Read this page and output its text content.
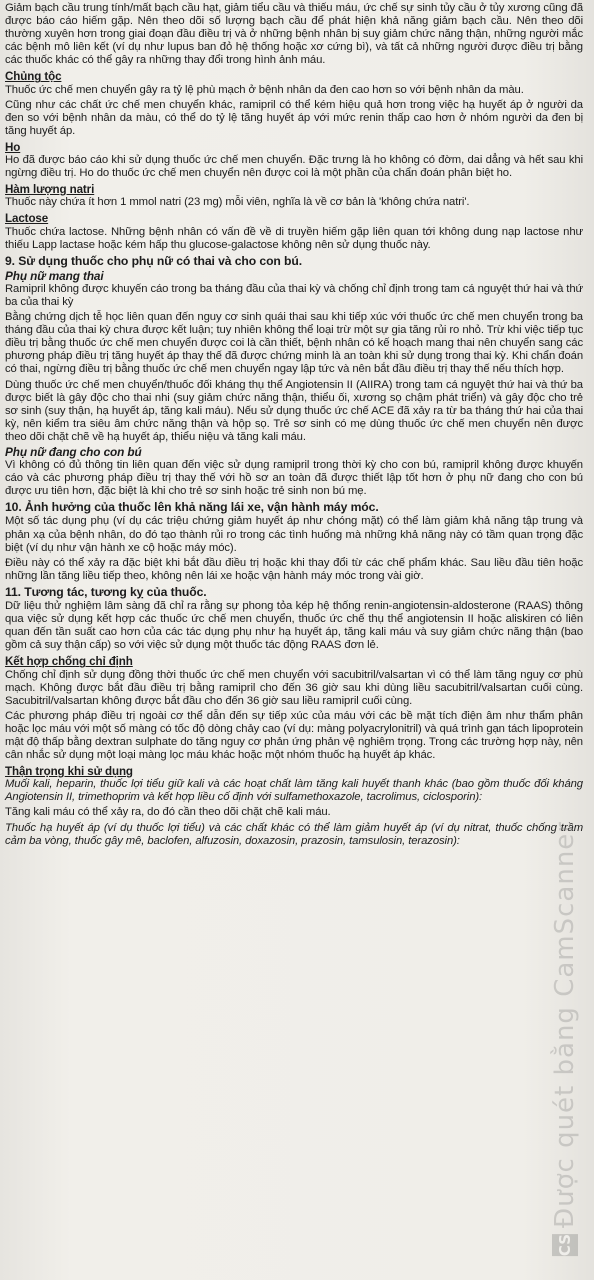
Giảm bạch cầu trung tính/mất bạch cầu hạt, giảm tiểu cầu và thiếu máu, ức chế sự sinh tủy cầu ở tủy xương cũng đã được báo cáo hiếm gặp. Nên theo dõi số lượng bạch cầu để phát hiện khả năng giảm bạch cầu. Nên theo dõi thường xuyên hơn trong giai đoạn đầu điều trị và ở những bệnh nhân bị suy giảm chức năng thận, những người mắc các bệnh mô liên kết (ví dụ như lupus ban đỏ hệ thống hoặc xơ cứng bì), và tất cả những người được điều trị bằng các thuốc khác có thể gây ra những thay đổi trong hình ảnh máu.

Chủng tộc

Thuốc ức chế men chuyển gây ra tỷ lệ phù mạch ở bệnh nhân da đen cao hơn so với bệnh nhân da màu.

Cũng như các chất ức chế men chuyển khác, ramipril có thể kém hiệu quả hơn trong việc hạ huyết áp ở người da đen so với bệnh nhân da màu, có thể do tỷ lệ tăng huyết áp với mức renin thấp cao hơn ở nhóm người da đen bị tăng huyết áp.

Ho

Ho đã được báo cáo khi sử dụng thuốc ức chế men chuyển. Đặc trưng là ho không có đờm, dai dẳng và hết sau khi ngừng điều trị. Ho do thuốc ức chế men chuyển nên được coi là một phần của chẩn đoán phân biệt ho.

Hàm lượng natri

Thuốc này chứa ít hơn 1 mmol natri (23 mg) mỗi viên, nghĩa là về cơ bản là 'không chứa natri'.

Lactose

Thuốc chứa lactose. Những bệnh nhân có vấn đề về di truyền hiếm gặp liên quan tới không dung nạp lactose như thiếu Lapp lactase hoặc kém hấp thu glucose-galactose không nên sử dụng thuốc này.

9. Sử dụng thuốc cho phụ nữ có thai và cho con bú.
Phụ nữ mang thai

Ramipril không được khuyến cáo trong ba tháng đầu của thai kỳ và chống chỉ định trong tam cá nguyệt thứ hai và thứ ba của thai kỳ

Bằng chứng dịch tễ học liên quan đến nguy cơ sinh quái thai sau khi tiếp xúc với thuốc ức chế men chuyển trong ba tháng đầu của thai kỳ chưa được kết luận; tuy nhiên không thể loại trừ một sự gia tăng rủi ro nhỏ. Trừ khi việc tiếp tục điều trị bằng thuốc ức chế men chuyển được coi là cần thiết, bệnh nhân có kế hoạch mang thai nên chuyển sang các phương pháp điều trị tăng huyết áp thay thế đã được chứng minh là an toàn khi sử dụng trong thai kỳ. Khi chẩn đoán có thai, ngừng điều trị bằng thuốc ức chế men chuyển ngay lập tức và nên bắt đầu điều trị thay thế nếu thích hợp.

Dùng thuốc ức chế men chuyển/thuốc đối kháng thụ thể Angiotensin II (AIIRA) trong tam cá nguyệt thứ hai và thứ ba được biết là gây độc cho thai nhi (suy giảm chức năng thận, thiểu ối, xương sọ chậm phát triển) và gây độc cho trẻ sơ sinh (suy thận, hạ huyết áp, tăng kali máu). Nếu sử dụng thuốc ức chế ACE đã xảy ra từ ba tháng thứ hai của thai kỳ, nên kiểm tra siêu âm chức năng thận và hộp sọ. Trẻ sơ sinh có mẹ dùng thuốc ức chế men chuyển nên được theo dõi chặt chẽ về hạ huyết áp, thiểu niệu và tăng kali máu.

Phụ nữ đang cho con bú

Vì không có đủ thông tin liên quan đến việc sử dụng ramipril trong thời kỳ cho con bú, ramipril không được khuyến cáo và các phương pháp điều trị thay thế với hồ sơ an toàn đã được thiết lập tốt hơn ở phụ nữ đang cho con bú được ưu tiên hơn, đặc biệt là khi cho trẻ sơ sinh hoặc trẻ sinh non bú mẹ.

10. Ảnh hưởng của thuốc lên khả năng lái xe, vận hành máy móc.

Một số tác dụng phụ (ví dụ các triệu chứng giảm huyết áp như chóng mặt) có thể làm giảm khả năng tập trung và phản xạ của bệnh nhân, do đó tạo thành rủi ro trong các tình huống mà những khả năng này có tầm quan trọng đặc biệt (ví dụ như vận hành xe cộ hoặc máy móc).

Điều này có thể xảy ra đặc biệt khi bắt đầu điều trị hoặc khi thay đổi từ các chế phẩm khác. Sau liều đầu tiên hoặc những lần tăng liều tiếp theo, không nên lái xe hoặc vận hành máy móc trong vài giờ.

11. Tương tác, tương kỵ của thuốc.

Dữ liệu thử nghiệm lâm sàng đã chỉ ra rằng sự phong tỏa kép hệ thống renin-angiotensin-aldosterone (RAAS) thông qua việc sử dụng kết hợp các thuốc ức chế men chuyển, thuốc ức chế thụ thể angiotensin II hoặc aliskiren có liên quan đến tần suất cao hơn của các tác dụng phụ như hạ huyết áp, tăng kali máu và suy giảm chức năng thận (bao gồm cả suy thận cấp) so với việc sử dụng một thuốc tác động RAAS đơn lẻ.

Kết hợp chống chỉ định

Chống chỉ định sử dụng đồng thời thuốc ức chế men chuyển với sacubitril/valsartan vì có thể làm tăng nguy cơ phù mạch. Không được bắt đầu điều trị bằng ramipril cho đến 36 giờ sau khi dùng liều sacubitril/valsartan cuối cùng. Sacubitril/valsartan không được bắt đầu cho đến 36 giờ sau liều ramipril cuối cùng.

Các phương pháp điều trị ngoài cơ thể dẫn đến sự tiếp xúc của máu với các bề mặt tích điện âm như thẩm phân hoặc lọc máu với một số màng có tốc độ dòng chảy cao (ví dụ: màng polyacrylonitril) và quá trình gạn tách lipoprotein mật độ thấp bằng dextran sulphate do tăng nguy cơ phản ứng phản vệ nghiêm trọng. Trong các trường hợp này, nên cân nhắc sử dụng một loại màng lọc máu khác hoặc một nhóm thuốc hạ huyết áp khác.

Thận trọng khi sử dụng

Muối kali, heparin, thuốc lợi tiểu giữ kali và các hoạt chất làm tăng kali huyết thanh khác (bao gồm thuốc đối kháng Angiotensin II, trimethoprim và kết hợp liều cố định với sulfamethoxazole, tacrolimus, ciclosporin):

Tăng kali máu có thể xảy ra, do đó cần theo dõi chặt chẽ kali máu.

Thuốc hạ huyết áp (ví dụ thuốc lợi tiểu) và các chất khác có thể làm giảm huyết áp (ví dụ nitrat, thuốc chống trầm cảm ba vòng, thuốc gây mê, baclofen, alfuzosin, doxazosin, prazosin, tamsulosin, terazosin):	Được quét bằng CamScanner
CS
